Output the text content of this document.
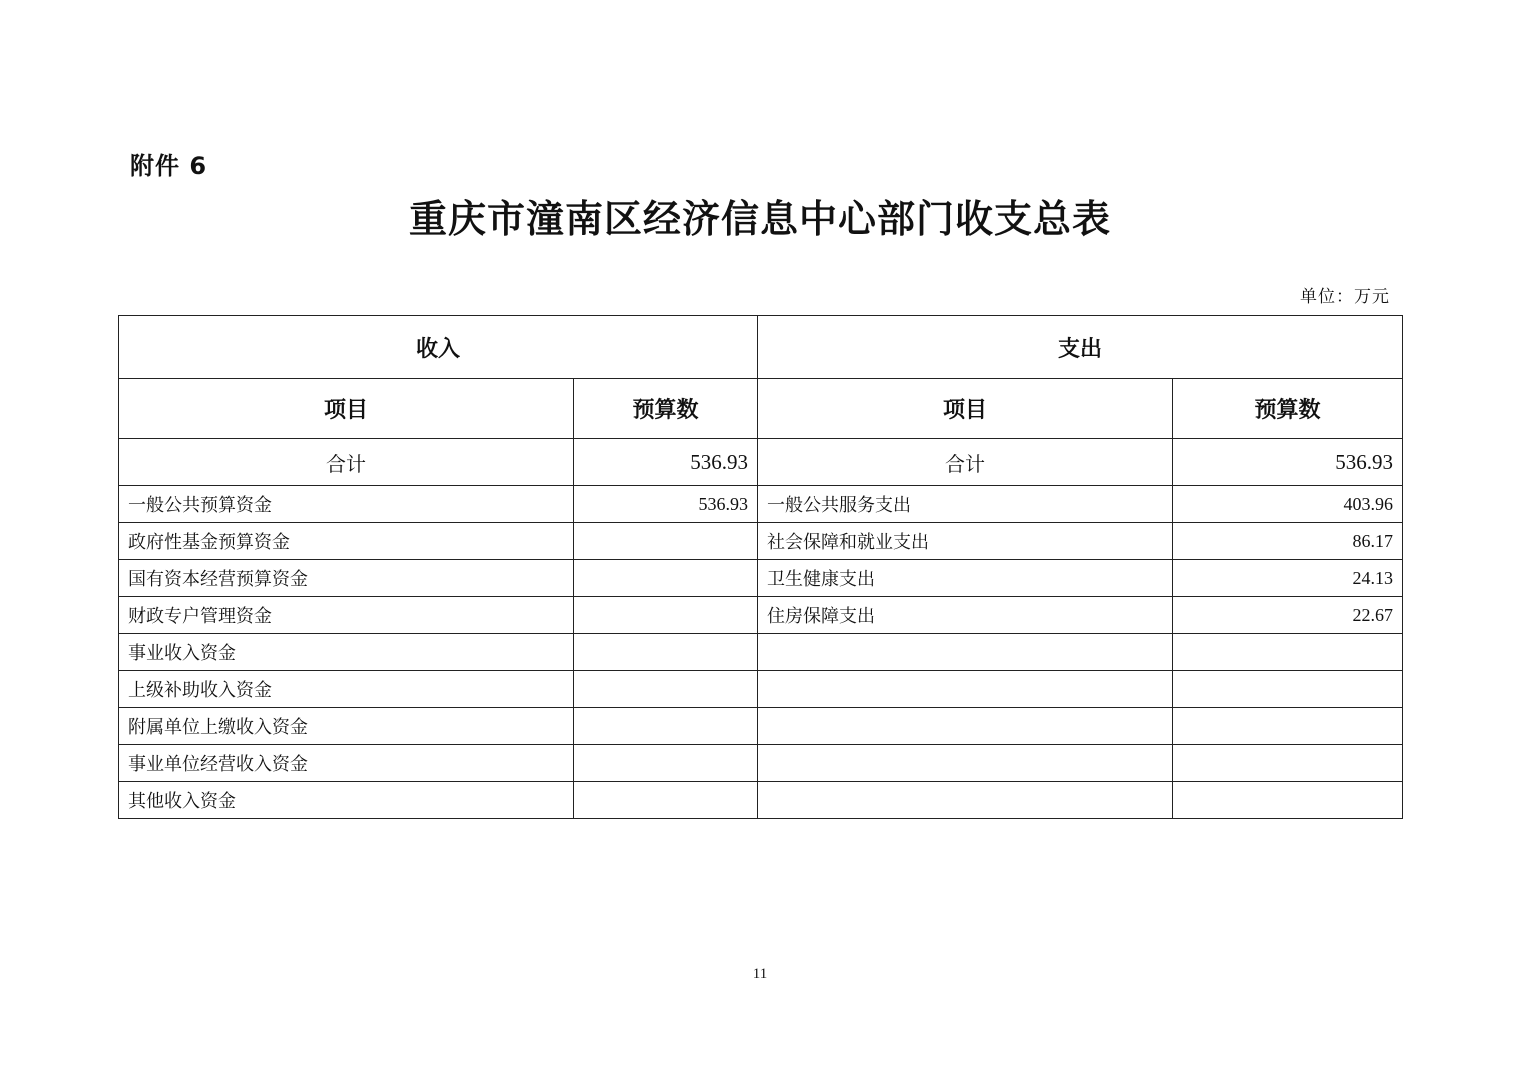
附件 6
重庆市潼南区经济信息中心部门收支总表
单位：万元
收入		支出	
项目	预算数	项目	预算数
合计	536.93	合计	536.93
一般公共预算资金	536.93	一般公共服务支出	403.96
政府性基金预算资金		社会保障和就业支出	86.17
国有资本经营预算资金		卫生健康支出	24.13
财政专户管理资金		住房保障支出	22.67
事业收入资金			
上级补助收入资金			
附属单位上缴收入资金			
事业单位经营收入资金			
其他收入资金			
11
